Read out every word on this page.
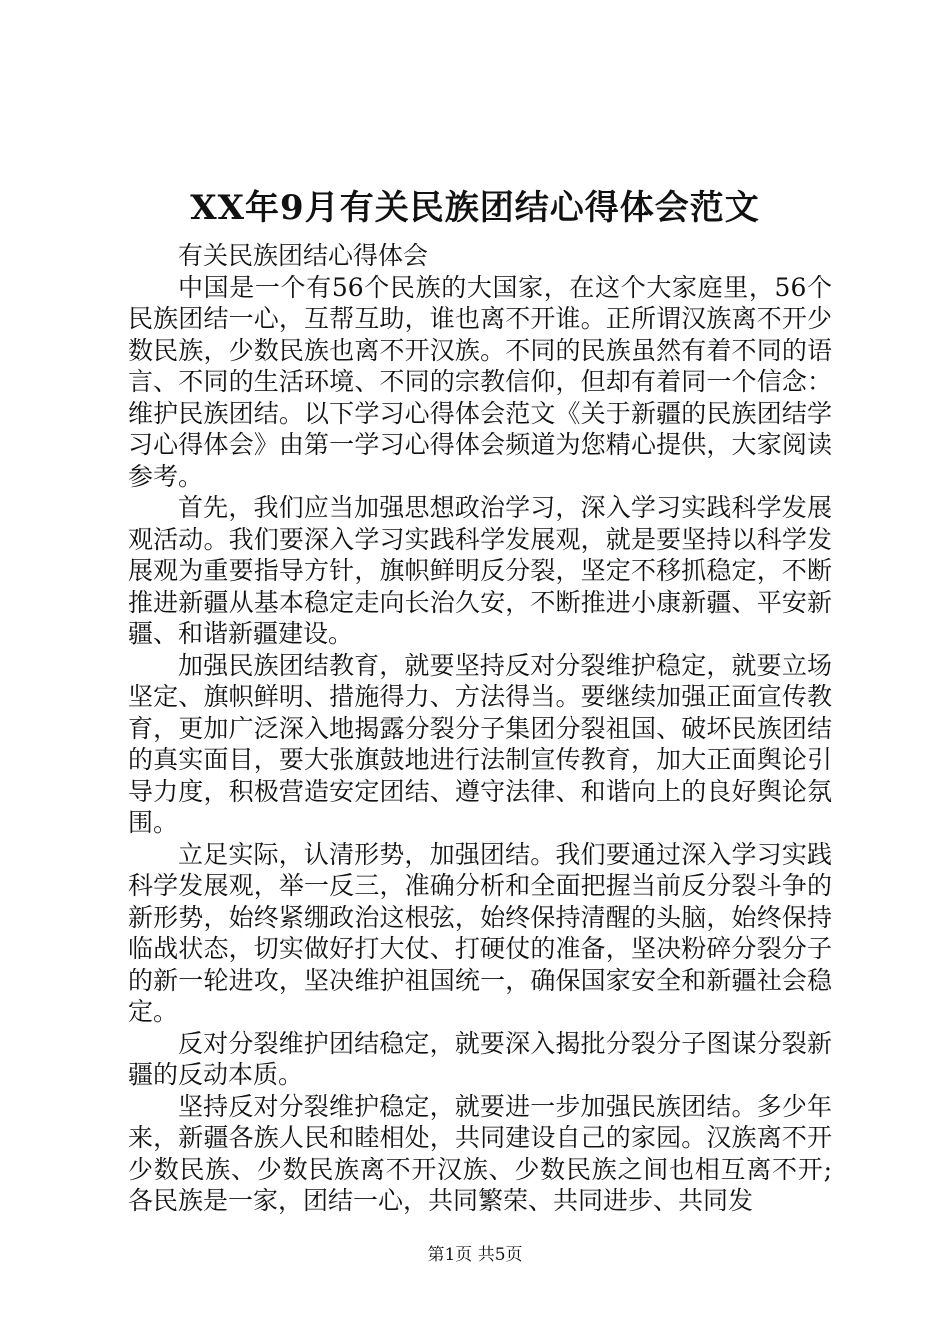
XX年9月有关民族团结心得体会范文

有关民族团结心得体会

中国是一个有56个民族的大国家，在这个大家庭里，56个民族团结一心，互帮互助，谁也离不开谁。正所谓汉族离不开少数民族，少数民族也离不开汉族。不同的民族虽然有着不同的语言、不同的生活环境、不同的宗教信仰，但却有着同一个信念：维护民族团结。以下学习心得体会范文《关于新疆的民族团结学习心得体会》由第一学习心得体会频道为您精心提供，大家阅读参考。

首先，我们应当加强思想政治学习，深入学习实践科学发展观活动。我们要深入学习实践科学发展观，就是要坚持以科学发展观为重要指导方针，旗帜鲜明反分裂，坚定不移抓稳定，不断推进新疆从基本稳定走向长治久安，不断推进小康新疆、平安新疆、和谐新疆建设。

加强民族团结教育，就要坚持反对分裂维护稳定，就要立场坚定、旗帜鲜明、措施得力、方法得当。要继续加强正面宣传教育，更加广泛深入地揭露分裂分子集团分裂祖国、破坏民族团结的真实面目，要大张旗鼓地进行法制宣传教育，加大正面舆论引导力度，积极营造安定团结、遵守法律、和谐向上的良好舆论氛围。

立足实际，认清形势，加强团结。我们要通过深入学习实践科学发展观，举一反三，准确分析和全面把握当前反分裂斗争的新形势，始终紧绷政治这根弦，始终保持清醒的头脑，始终保持临战状态，切实做好打大仗、打硬仗的准备，坚决粉碎分裂分子的新一轮进攻，坚决维护祖国统一，确保国家安全和新疆社会稳定。

反对分裂维护团结稳定，就要深入揭批分裂分子图谋分裂新疆的反动本质。

坚持反对分裂维护稳定，就要进一步加强民族团结。多少年来，新疆各族人民和睦相处，共同建设自己的家园。汉族离不开少数民族、少数民族离不开汉族、少数民族之间也相互离不开;各民族是一家，团结一心，共同繁荣、共同进步、共同发

第1页 共5页
